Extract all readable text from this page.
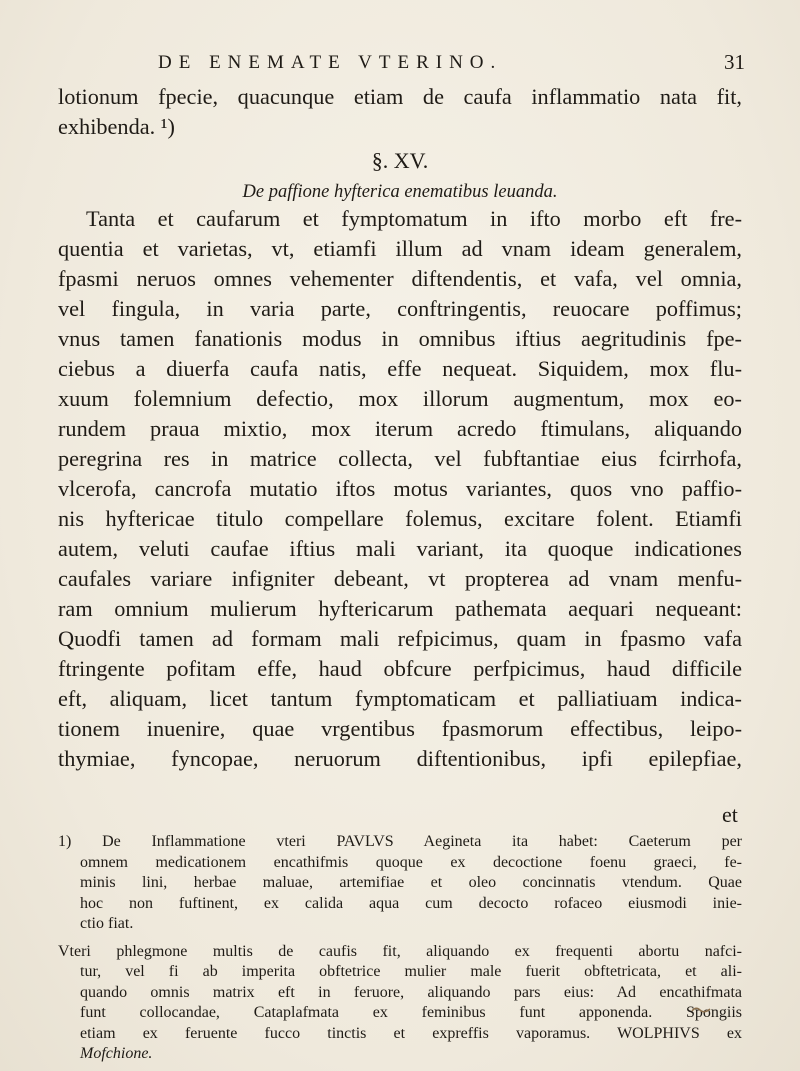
DE ENEMATE VTERINO.	31
lotionum fpecie, quacunque etiam de caufa inflammatio nata fit,
exhibenda. ¹)
§. XV.
De paffione hyfterica enematibus leuanda.
Tanta et caufarum et fymptomatum in ifto morbo eft fre-
quentia et varietas, vt, etiamfi illum ad vnam ideam generalem,
fpasmi neruos omnes vehementer diftendentis, et vafa, vel omnia,
vel fingula, in varia parte, conftringentis, reuocare poffimus;
vnus tamen fanationis modus in omnibus iftius aegritudinis fpe-
ciebus a diuerfa caufa natis, effe nequeat. Siquidem, mox flu-
xuum folemnium defectio, mox illorum augmentum, mox eo-
rundem praua mixtio, mox iterum acredo ftimulans, aliquando
peregrina res in matrice collecta, vel fubftantiae eius fcirrhofa,
vlcerofa, cancrofa mutatio iftos motus variantes, quos vno paffio-
nis hyftericae titulo compellare folemus, excitare folent. Etiamfi
autem, veluti caufae iftius mali variant, ita quoque indicationes
caufales variare infigniter debeant, vt propterea ad vnam menfu-
ram omnium mulierum hyftericarum pathemata aequari nequeant:
Quodfi tamen ad formam mali refpicimus, quam in fpasmo vafa
ftringente pofitam effe, haud obfcure perfpicimus, haud difficile
eft, aliquam, licet tantum fymptomaticam et palliatiuam indica-
tionem inuenire, quae vrgentibus fpasmorum effectibus, leipo-
thymiae, fyncopae, neruorum diftentionibus, ipfi epilepfiae,
et
1) De Inflammatione vteri PAVLVS Aegineta ita habet: Caeterum per
omnem medicationem encathifmis quoque ex decoctione foenu graeci, fe-
minis lini, herbae maluae, artemifiae et oleo concinnatis vtendum. Quae
hoc non fuftinent, ex calida aqua cum decocto rofaceo eiusmodi inie-
ctio fiat.
Vteri phlegmone multis de caufis fit, aliquando ex frequenti abortu nafci-
tur, vel fi ab imperita obftetrice mulier male fuerit obftetricata, et ali-
quando omnis matrix eft in feruore, aliquando pars eius: Ad encathifmata
funt collocandae, Cataplafmata ex feminibus funt apponenda. Spongiis
etiam ex feruente fucco tinctis et expreffis vaporamus. WOLPHIVS ex
Mofchione.
